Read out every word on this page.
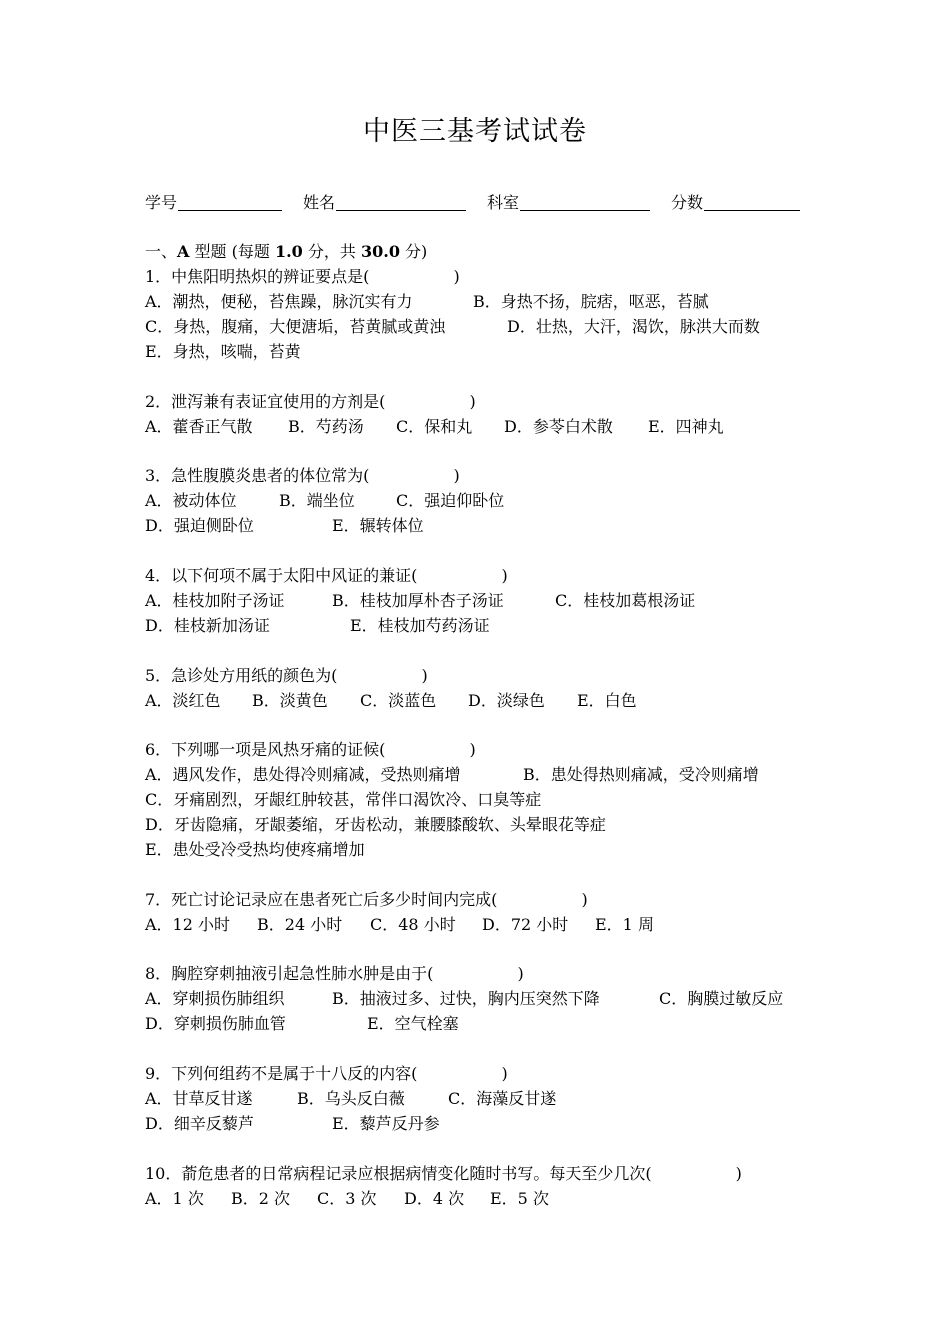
中医三基考试试卷
学号	姓名	科室	分数
一、A 型题 (每题 1.0 分，共 30.0 分)
1．中焦阳明热炽的辨证要点是(	)
A．潮热，便秘，苔焦躁，脉沉实有力	B．身热不扬，脘痞，呕恶，苔腻
C．身热，腹痛，大便溏垢，苔黄腻或黄浊	D．壮热，大汗，渴饮，脉洪大而数
E．身热，咳喘，苔黄
2．泄泻兼有表证宜使用的方剂是(	)
A．藿香正气散 B．芍药汤 C．保和丸 D．参苓白术散 E．四神丸
3．急性腹膜炎患者的体位常为(	)
A．被动体位	B．端坐位	C．强迫仰卧位
D．强迫侧卧位	E．辗转体位
4．以下何项不属于太阳中风证的兼证(	)
A．桂枝加附子汤证	B．桂枝加厚朴杏子汤证	C．桂枝加葛根汤证
D．桂枝新加汤证	E．桂枝加芍药汤证
5．急诊处方用纸的颜色为(	)
A．淡红色 B．淡黄色 C．淡蓝色 D．淡绿色 E．白色
6．下列哪一项是风热牙痛的证候(	)
A．遇风发作，患处得冷则痛减，受热则痛增	B．患处得热则痛减，受冷则痛增
C．牙痛剧烈，牙龈红肿较甚，常伴口渴饮冷、口臭等症
D．牙齿隐痛，牙龈萎缩，牙齿松动，兼腰膝酸软、头晕眼花等症
E．患处受冷受热均使疼痛增加
7．死亡讨论记录应在患者死亡后多少时间内完成(	)
A．12 小时 B．24 小时 C．48 小时 D．72 小时 E．1 周
8．胸腔穿刺抽液引起急性肺水肿是由于(	)
A．穿刺损伤肺组织	B．抽液过多、过快，胸内压突然下降	C．胸膜过敏反应
D．穿刺损伤肺血管	E．空气栓塞
9．下列何组药不是属于十八反的内容(	)
A．甘草反甘遂	B．乌头反白薇	C．海藻反甘遂
D．细辛反藜芦	E．藜芦反丹参
10．萮危患者的日常病程记录应根据病情变化随时书写。每天至少几次(	)
A．1 次 B．2 次 C．3 次 D．4 次 E．5 次
